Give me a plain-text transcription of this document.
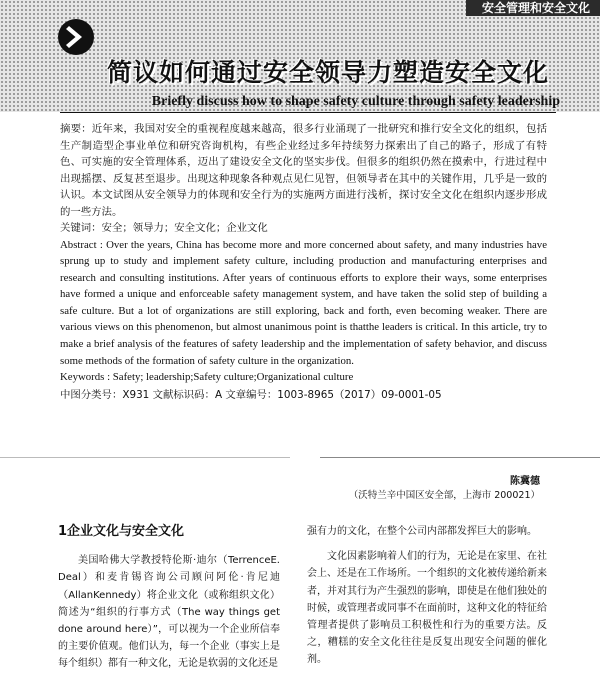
安全管理和安全文化
简议如何通过安全领导力塑造安全文化
Briefly discuss how to shape safety culture through safety leadership

摘要：近年来，我国对安全的重视程度越来越高，很多行业涌现了一批研究和推行安全文化的组织，包括生产制造型企事业单位和研究咨询机构，有些企业经过多年持续努力探索出了自己的路子，形成了有特色、可实施的安全管理体系，迈出了建设安全文化的坚实步伐。但很多的组织仍然在摸索中，行进过程中出现摇摆、反复甚至退步。出现这种现象各种观点见仁见智，但领导者在其中的关键作用，几乎是一致的认识。本文试图从安全领导力的体现和安全行为的实施两方面进行浅析，探讨安全文化在组织内逐步形成的一些方法。

关键词：安全；领导力；安全文化；企业文化

Abstract : Over the years, China has become more and more concerned about safety, and many industries have sprung up to study and implement safety culture, including production and manufacturing enterprises and research and consulting institutions. After years of continuous efforts to explore their ways, some enterprises have formed a unique and enforceable safety management system, and have taken the solid step of building a safe culture. But a lot of organizations are still exploring, back and forth, even becoming weaker. There are various views on this phenomenon, but almost unanimous point is thatthe leaders is critical. In this article, try to make a brief analysis of the features of safety leadership and the implementation of safety behavior, and discuss some methods of the formation of safety culture in the organization.

Keywords : Safety; leadership;Safety culture;Organizational culture

中图分类号：X931 文献标识码：A 文章编号：1003-8965（2017）09-0001-05

陈冀德
（沃特兰辛中国区安全部，上海市 200021）
1企业文化与安全文化

美国哈佛大学教授特伦斯·迪尔（TerrenceE. Deal）和麦肯锡咨询公司顾问阿伦·肯尼迪（AllanKennedy）将企业文化（或称组织文化）简述为“组织的行事方式（The way things get done around here）”，可以视为一个企业所信奉的主要价值观。他们认为，每一个企业（事实上是每个组织）都有一种文化，无论是软弱的文化还是

强有力的文化，在整个公司内部都发挥巨大的影响。

文化因素影响着人们的行为，无论是在家里、在社会上、还是在工作场所。一个组织的文化被传递给新来者，并对其行为产生强烈的影响，即使是在他们独处的时候，或管理者或同事不在面前时，这种文化的特征给管理者提供了影响员工积极性和行为的重要方法。反之，糟糕的安全文化往往是反复出现安全问题的催化剂。
